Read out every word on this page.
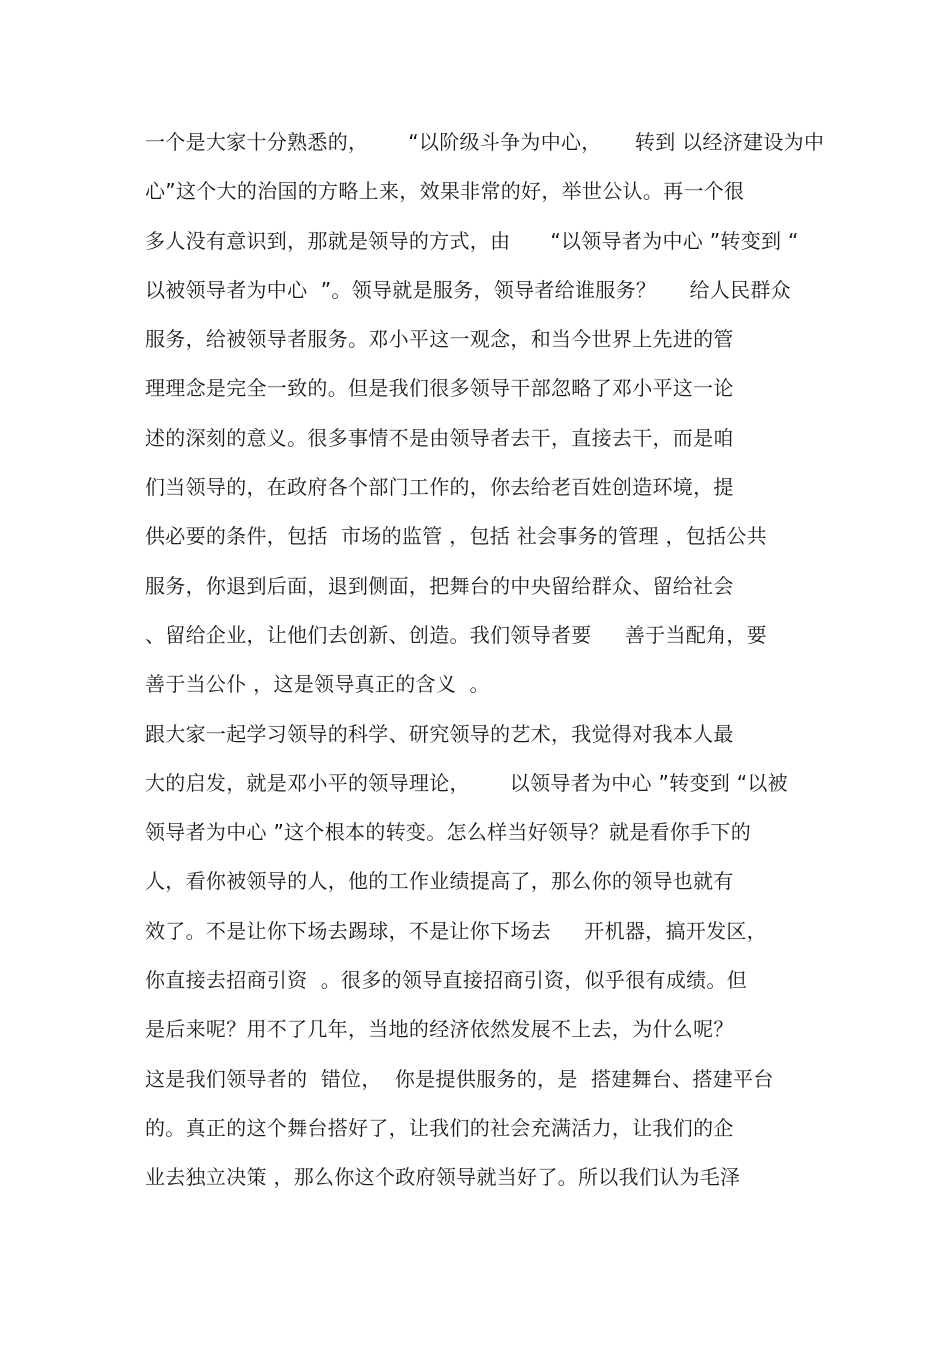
一个是大家十分熟悉的，      “以阶级斗争为中心，     转到 以经济建设为中
心”这个大的治国的方略上来，效果非常的好，举世公认。再一个很
多人没有意识到，那就是领导的方式，由      “以领导者为中心 ”转变到 “
以被领导者为中心  ”。领导就是服务，领导者给谁服务？     给人民群众
服务，给被领导者服务。邓小平这一观念，和当今世界上先进的管
理理念是完全一致的。但是我们很多领导干部忽略了邓小平这一论
述的深刻的意义。很多事情不是由领导者去干，直接去干，而是咱
们当领导的，在政府各个部门工作的，你去给老百姓创造环境，提
供必要的条件，包括  市场的监管 ，包括 社会事务的管理 ，包括公共
服务，你退到后面，退到侧面，把舞台的中央留给群众、留给社会
、留给企业，让他们去创新、创造。我们领导者要     善于当配角，要
善于当公仆 ，这是领导真正的含义  。
跟大家一起学习领导的科学、研究领导的艺术，我觉得对我本人最
大的启发，就是邓小平的领导理论，      以领导者为中心 ”转变到 “以被
领导者为中心 ”这个根本的转变。怎么样当好领导？就是看你手下的
人，看你被领导的人，他的工作业绩提高了，那么你的领导也就有
效了。不是让你下场去踢球，不是让你下场去     开机器，搞开发区，
你直接去招商引资  。很多的领导直接招商引资，似乎很有成绩。但
是后来呢？用不了几年，当地的经济依然发展不上去，为什么呢？
这是我们领导者的  错位，  你是提供服务的，是  搭建舞台、搭建平台
的。真正的这个舞台搭好了，让我们的社会充满活力，让我们的企
业去独立决策 ，那么你这个政府领导就当好了。所以我们认为毛泽
